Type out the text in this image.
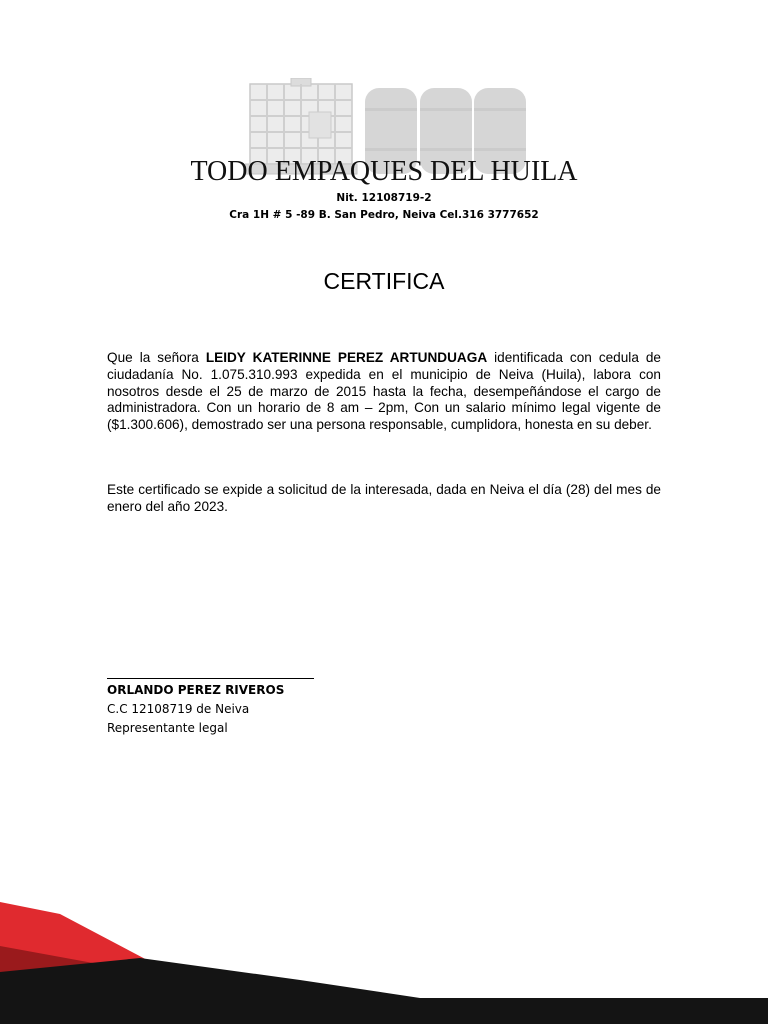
TODO EMPAQUES DEL HUILA
Nit. 12108719-2
Cra 1H # 5 -89 B. San Pedro, Neiva Cel.316 3777652
CERTIFICA

Que la señora LEIDY KATERINNE PEREZ ARTUNDUAGA identificada con cedula de ciudadanía No. 1.075.310.993 expedida en el municipio de Neiva (Huila), labora con nosotros desde el 25 de marzo de 2015 hasta la fecha, desempeñándose el cargo de administradora. Con un horario de 8 am – 2pm, Con un salario mínimo legal vigente de ($1.300.606), demostrado ser una persona responsable, cumplidora, honesta en su deber.

Este certificado se expide a solicitud de la interesada, dada en Neiva el día (28) del mes de enero del año 2023.

ORLANDO PEREZ RIVEROS
C.C 12108719 de Neiva
Representante legal
